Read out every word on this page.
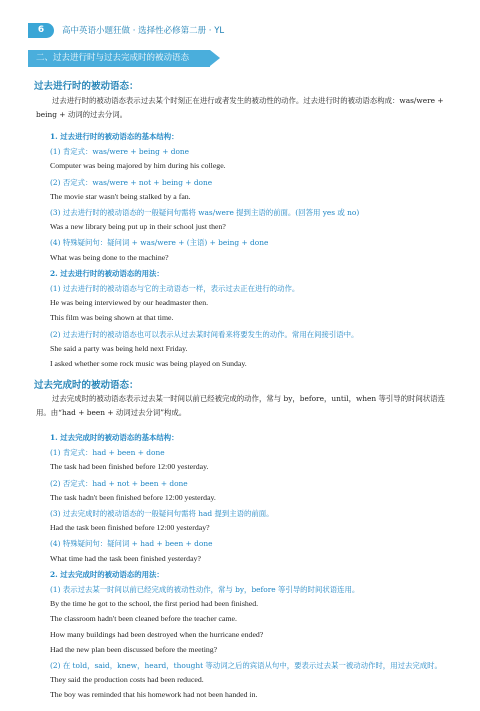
6	高中英语小题狂做 · 选择性必修第二册 · YL
二、过去进行时与过去完成时的被动语态
过去进行时的被动语态：
过去进行时的被动语态表示过去某个时刻正在进行或者发生的被动性的动作。过去进行时的被动语态构成：was/were + being + 动词的过去分词。
1. 过去进行时的被动语态的基本结构：
(1) 肯定式：was/were + being + done
Computer was being majored by him during his college.
(2) 否定式：was/were + not + being + done
The movie star wasn't being stalked by a fan.
(3) 过去进行时的被动语态的一般疑问句需将 was/were 提到主语的前面。(回答用 yes 或 no)
Was a new library being put up in their school just then?
(4) 特殊疑问句：疑问词 + was/were + (主语) + being + done
What was being done to the machine?
2. 过去进行时的被动语态的用法：
(1) 过去进行时的被动语态与它的主动语态一样，表示过去正在进行的动作。
He was being interviewed by our headmaster then.
This film was being shown at that time.
(2) 过去进行时的被动语态也可以表示从过去某时间看来将要发生的动作。常用在间接引语中。
She said a party was being held next Friday.
I asked whether some rock music was being played on Sunday.
过去完成时的被动语态：
过去完成时的被动语态表示过去某一时间以前已经被完成的动作，常与 by，before，until，when 等引导的时间状语连用。由“had + been + 动词过去分词”构成。
1. 过去完成时的被动语态的基本结构：
(1) 肯定式：had + been + done
The task had been finished before 12:00 yesterday.
(2) 否定式：had + not + been + done
The task hadn't been finished before 12:00 yesterday.
(3) 过去完成时的被动语态的一般疑问句需将 had 提到主语的前面。
Had the task been finished before 12:00 yesterday?
(4) 特殊疑问句：疑问词 + had + been + done
What time had the task been finished yesterday?
2. 过去完成时的被动语态的用法：
(1) 表示过去某一时间以前已经完成的被动性动作，常与 by，before 等引导的时间状语连用。
By the time he got to the school, the first period had been finished.
The classroom hadn't been cleaned before the teacher came.
How many buildings had been destroyed when the hurricane ended?
Had the new plan been discussed before the meeting?
(2) 在 told，said，knew，heard，thought 等动词之后的宾语从句中，要表示过去某一被动动作时，用过去完成时。
They said the production costs had been reduced.
The boy was reminded that his homework had not been handed in.
